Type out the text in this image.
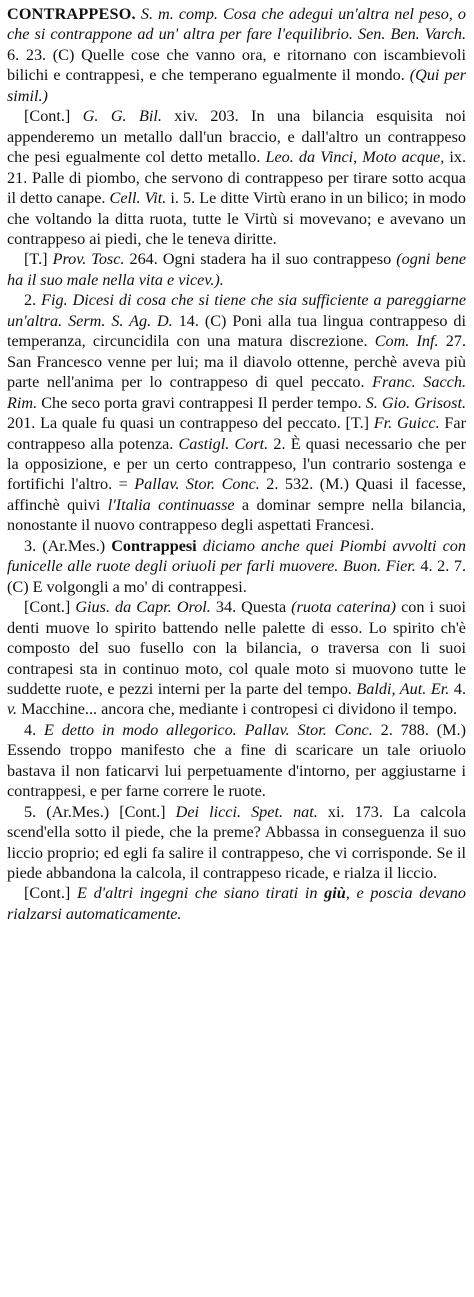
CONTRAPPESO. S. m. comp. Cosa che adegui un'altra nel peso, o che si contrappone ad un' altra per fare l'equilibrio. Sen. Ben. Varch. 6. 23. (C) Quelle cose che vanno ora, e ritornano con iscambievoli bilichi e contrappesi, e che temperano egualmente il mondo. (Qui per simil.)

[Cont.] G. G. Bil. xiv. 203. In una bilancia esquisita noi appenderemo un metallo dall'un braccio, e dall'altro un contrappeso che pesi egualmente col detto metallo. Leo. da Vinci, Moto acque, ix. 21. Palle di piombo, che servono di contrappeso per tirare sotto acqua il detto canape. Cell. Vit. i. 5. Le ditte Virtù erano in un bilico; in modo che voltando la ditta ruota, tutte le Virtù si movevano; e avevano un contrappeso ai piedi, che le teneva diritte.

[T.] Prov. Tosc. 264. Ogni stadera ha il suo contrappeso (ogni bene ha il suo male nella vita e vicev.).

2. Fig. Dicesi di cosa che si tiene che sia sufficiente a pareggiarne un'altra. Serm. S. Ag. D. 14. (C) Poni alla tua lingua contrappeso di temperanza, circuncidila con una matura discrezione. Com. Inf. 27. San Francesco venne per lui; ma il diavolo ottenne, perchè aveva più parte nell'anima per lo contrappeso di quel peccato. Franc. Sacch. Rim. Che seco porta gravi contrappesi Il perder tempo. S. Gio. Grisost. 201. La quale fu quasi un contrappeso del peccato. [T.] Fr. Guicc. Far contrappeso alla potenza. Castigl. Cort. 2. È quasi necessario che per la opposizione, e per un certo contrappeso, l'un contrario sostenga e fortifichi l'altro. = Pallav. Stor. Conc. 2. 532. (M.) Quasi il facesse, affinchè quivi l'Italia continuasse a dominar sempre nella bilancia, nonostante il nuovo contrappeso degli aspettati Francesi.

3. (Ar.Mes.) Contrappesi diciamo anche quei Piombi avvolti con funicelle alle ruote degli oriuoli per farli muovere. Buon. Fier. 4. 2. 7. (C) E volgongli a mo' di contrappesi.

[Cont.] Gius. da Capr. Orol. 34. Questa (ruota caterina) con i suoi denti muove lo spirito battendo nelle palette di esso. Lo spirito ch'è composto del suo fusello con la bilancia, o traversa con li suoi contrapesi sta in continuo moto, col quale moto si muovono tutte le suddette ruote, e pezzi interni per la parte del tempo. Baldi, Aut. Er. 4. v. Macchine... ancora che, mediante i contropesi ci dividono il tempo.

4. E detto in modo allegorico. Pallav. Stor. Conc. 2. 788. (M.) Essendo troppo manifesto che a fine di scaricare un tale oriuolo bastava il non faticarvi lui perpetuamente d'intorno, per aggiustarne i contrappesi, e per farne correre le ruote.

5. (Ar.Mes.) [Cont.] Dei licci. Spet. nat. xi. 173. La calcola scend'ella sotto il piede, che la preme? Abbassa in conseguenza il suo liccio proprio; ed egli fa salire il contrappeso, che vi corrisponde. Se il piede abbandona la calcola, il contrappeso ricade, e rialza il liccio.

[Cont.] E d'altri ingegni che siano tirati in giù, e poscia devano rialzarsi automaticamente.
